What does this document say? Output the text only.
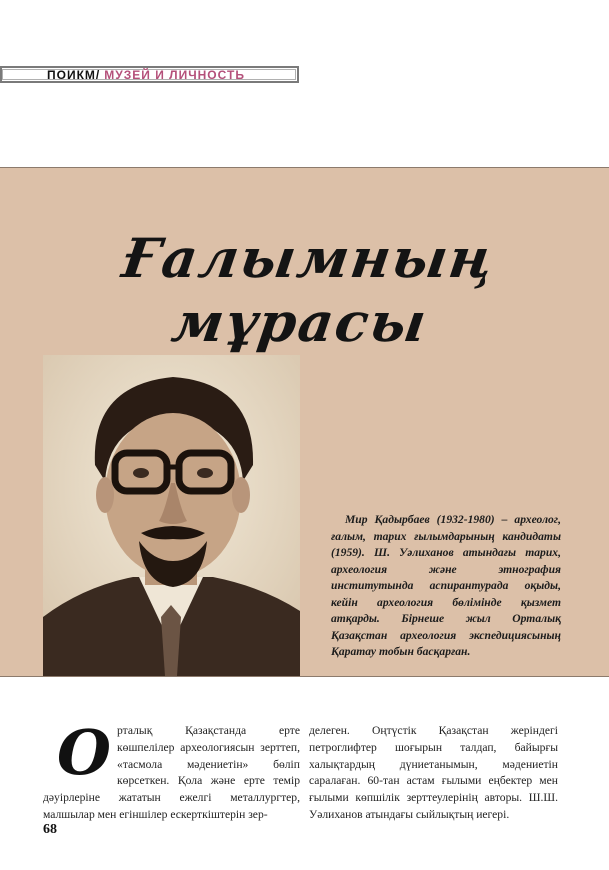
ПОИКМ/ МУЗЕЙ И ЛИЧНОСТЬ
Ғалымның мұрасы
Мир Қадырбаев (1932-1980) – археолог, ғалым, тарих ғылымдарының кандидаты (1959). Ш. Уәлиханов атындағы тарих, археология және этнография институтында аспирантурада оқыды, кейін археология бөлімінде қызмет атқарды. Бірнеше жыл Орталық Қазақстан археология экспедициясының Қаратау тобын басқарған.
О рталық Қазақстанда ерте көшпелілер археологиясын зерттеп, «тасмола мәдениетін» бөліп көрсеткен. Қола және ерте темір дәуірлеріне жататын ежелгі металлургтер, малшылар мен егіншілер ескерткіштерін зер-
делеген. Оңтүстік Қазақстан жеріндегі петроглифтер шоғырын талдап, байырғы халықтардың дүниетанымын, мәдениетін саралаған. 60-тан астам ғылыми еңбектер мен ғылыми көпшілік зерттеулерінің авторы. Ш.Ш. Уәлиханов атындағы сыйлықтың иегері.
68
